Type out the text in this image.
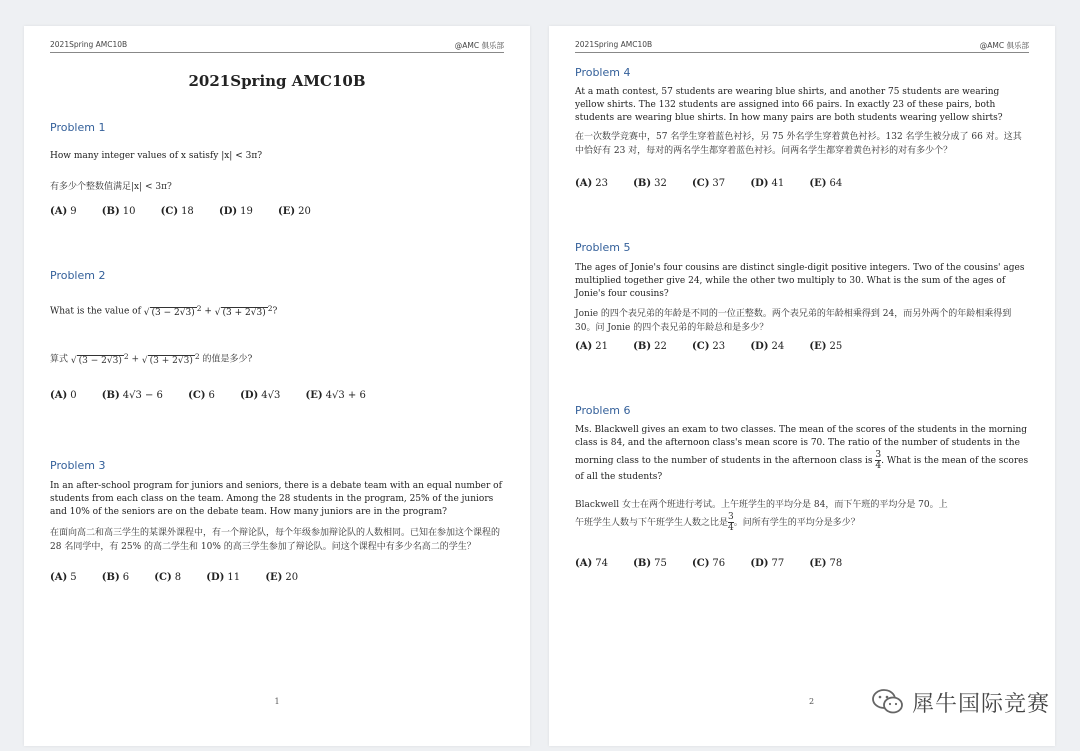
2021Spring AMC10B	@AMC 俱乐部
2021Spring AMC10B
Problem 1
How many integer values of x satisfy |x| < 3π?
有多少个整数值满足|x| < 3π?
(A) 9	(B) 10	(C) 18	(D) 19	(E) 20
Problem 2
What is the value of √ (3 − 2√3) $^2$ + √ (3 + 2√3) $^2$?
算式 √ (3 − 2√3) $^2$ + √ (3 + 2√3) $^2$ 的值是多少?
(A) 0	(B) 4√3 − 6	(C) 6	(D) 4√3	(E) 4√3 + 6
Problem 3
In an after-school program for juniors and seniors, there is a debate team with an equal number of students from each class on the team. Among the 28 students in the program, 25% of the juniors and 10% of the seniors are on the debate team. How many juniors are in the program?
在面向高二和高三学生的某课外课程中，有一个辩论队，每个年级参加辩论队的人数相同。已知在参加这个课程的 28 名同学中，有 25% 的高二学生和 10% 的高三学生参加了辩论队。问这个课程中有多少名高二的学生？
(A) 5	(B) 6	(C) 8	(D) 11	(E) 20
1
2021Spring AMC10B	@AMC 俱乐部
Problem 4
At a math contest, 57 students are wearing blue shirts, and another 75 students are wearing yellow shirts. The 132 students are assigned into 66 pairs. In exactly 23 of these pairs, both students are wearing blue shirts. In how many pairs are both students wearing yellow shirts?
在一次数学竞赛中，57 名学生穿着蓝色衬衫，另 75 外名学生穿着黄色衬衫。132 名学生被分成了 66 对。这其中恰好有 23 对，每对的两名学生都穿着蓝色衬衫。问两名学生都穿着黄色衬衫的对有多少个？
(A) 23	(B) 32	(C) 37	(D) 41	(E) 64
Problem 5
The ages of Jonie's four cousins are distinct single-digit positive integers. Two of the cousins' ages multiplied together give 24, while the other two multiply to 30. What is the sum of the ages of Jonie's four cousins?
Jonie 的四个表兄弟的年龄是不同的一位正整数。两个表兄弟的年龄相乘得到 24，而另外两个的年龄相乘得到 30。问 Jonie 的四个表兄弟的年龄总和是多少？
(A) 21	(B) 22	(C) 23	(D) 24	(E) 25
Problem 6
Ms. Blackwell gives an exam to two classes. The mean of the scores of the students in the morning class is 84, and the afternoon class's mean score is 70. The ratio of the number of students in the morning class to the number of students in the afternoon class is $\frac{3}{4}$ . What is the mean of the scores of all the students?
Blackwell 女士在两个班进行考试。上午班学生的平均分是 84，而下午班的平均分是 70。上
午班学生人数与下午班学生人数之比是 $\frac{3}{4}$ 。问所有学生的平均分是多少？
(A) 74	(B) 75	(C) 76	(D) 77	(E) 78
2	犀牛国际竞赛
